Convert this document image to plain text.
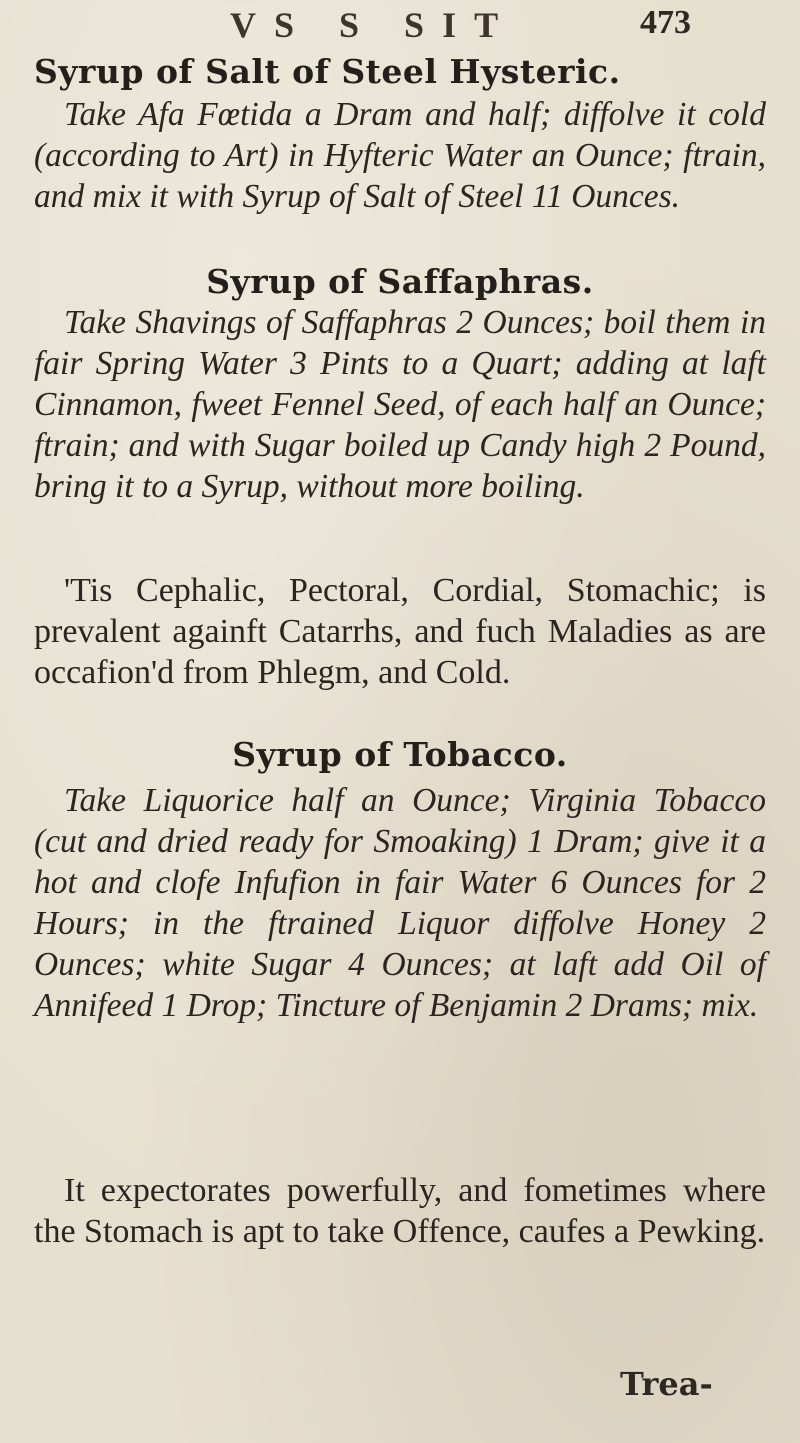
VS S SIT	473
Syrup of Salt of Steel Hysteric.

Take Afa Fœtida a Dram and half; diffolve it cold (according to Art) in Hyfteric Water an Ounce; ftrain, and mix it with Syrup of Salt of Steel 11 Ounces.

Syrup of Saffaphras.

Take Shavings of Saffaphras 2 Ounces; boil them in fair Spring Water 3 Pints to a Quart; adding at laft Cinnamon, fweet Fennel Seed, of each half an Ounce; ftrain; and with Sugar boiled up Candy high 2 Pound, bring it to a Syrup, without more boiling.

'Tis Cephalic, Pectoral, Cordial, Stomachic; is prevalent againft Catarrhs, and fuch Maladies as are occafion'd from Phlegm, and Cold.

Syrup of Tobacco.

Take Liquorice half an Ounce; Virginia Tobacco (cut and dried ready for Smoaking) 1 Dram; give it a hot and clofe Infufion in fair Water 6 Ounces for 2 Hours; in the ftrained Liquor diffolve Honey 2 Ounces; white Sugar 4 Ounces; at laft add Oil of Annifeed 1 Drop; Tincture of Benjamin 2 Drams; mix.

It expectorates powerfully, and fometimes where the Stomach is apt to take Offence, caufes a Pewking.

Trea-
